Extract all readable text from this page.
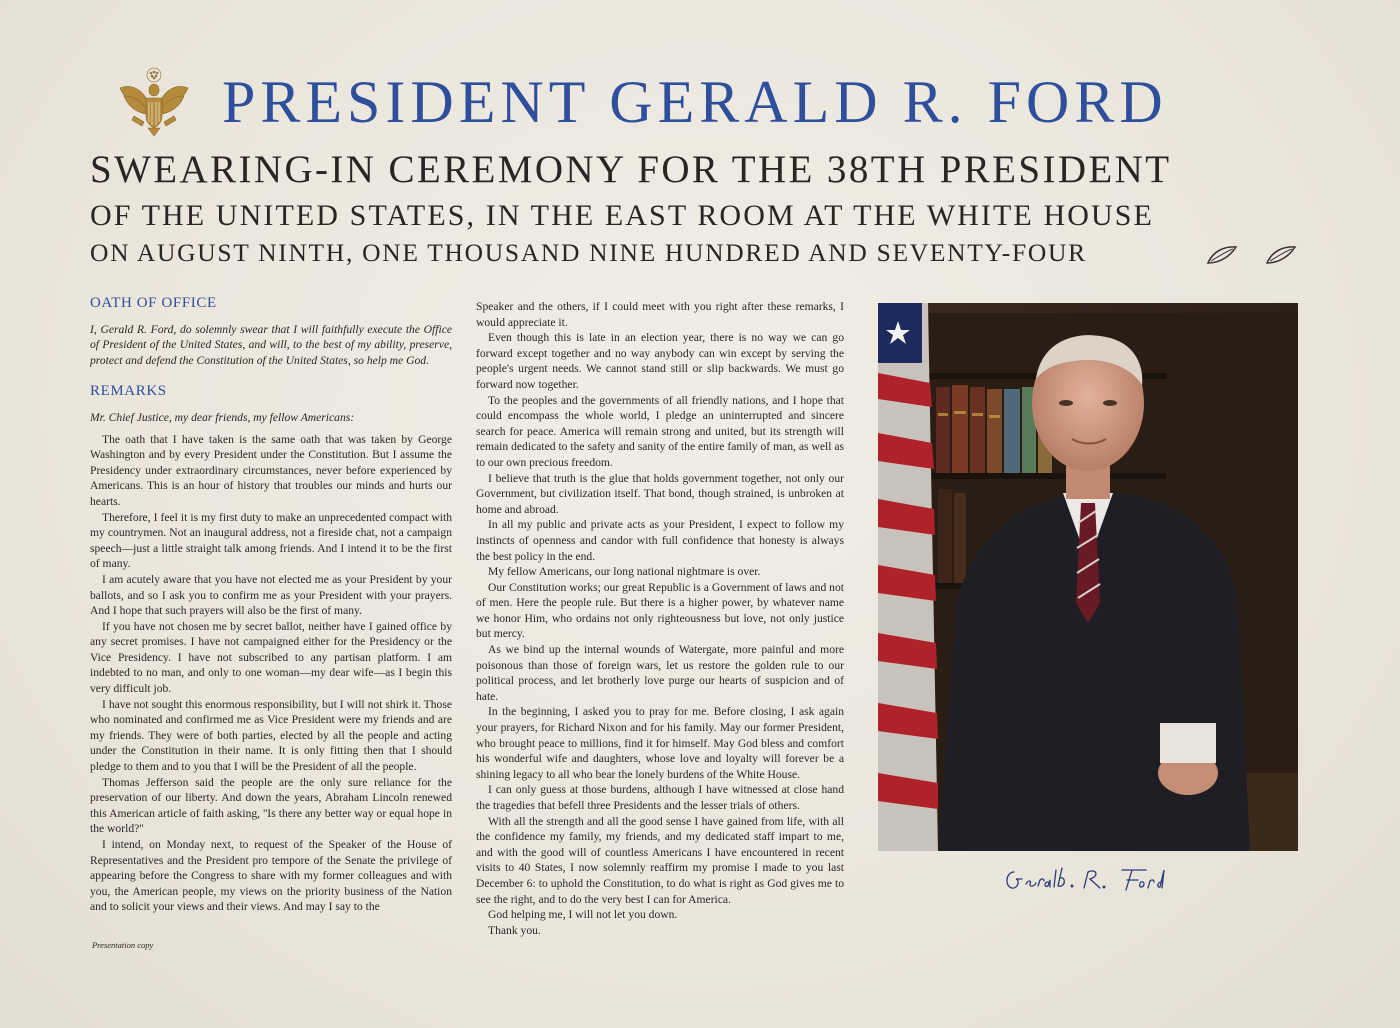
PRESIDENT GERALD R. FORD
SWEARING-IN CEREMONY FOR THE 38TH PRESIDENT
OF THE UNITED STATES, IN THE EAST ROOM AT THE WHITE HOUSE
ON AUGUST NINTH, ONE THOUSAND NINE HUNDRED AND SEVENTY-FOUR
OATH OF OFFICE

I, Gerald R. Ford, do solemnly swear that I will faithfully execute the Office of President of the United States, and will, to the best of my ability, preserve, protect and defend the Constitution of the United States, so help me God.

REMARKS

Mr. Chief Justice, my dear friends, my fellow Americans:

The oath that I have taken is the same oath that was taken by George Washington and by every President under the Constitution. But I assume the Presidency under extraordinary circumstances, never before experienced by Americans. This is an hour of history that troubles our minds and hurts our hearts.

Therefore, I feel it is my first duty to make an unprecedented compact with my countrymen. Not an inaugural address, not a fireside chat, not a campaign speech—just a little straight talk among friends. And I intend it to be the first of many.

I am acutely aware that you have not elected me as your President by your ballots, and so I ask you to confirm me as your President with your prayers. And I hope that such prayers will also be the first of many.

If you have not chosen me by secret ballot, neither have I gained office by any secret promises. I have not campaigned either for the Presidency or the Vice Presidency. I have not subscribed to any partisan platform. I am indebted to no man, and only to one woman—my dear wife—as I begin this very difficult job.

I have not sought this enormous responsibility, but I will not shirk it. Those who nominated and confirmed me as Vice President were my friends and are my friends. They were of both parties, elected by all the people and acting under the Constitution in their name. It is only fitting then that I should pledge to them and to you that I will be the President of all the people.

Thomas Jefferson said the people are the only sure reliance for the preservation of our liberty. And down the years, Abraham Lincoln renewed this American article of faith asking, ''Is there any better way or equal hope in the world?''

I intend, on Monday next, to request of the Speaker of the House of Representatives and the President pro tempore of the Senate the privilege of appearing before the Congress to share with my former colleagues and with you, the American people, my views on the priority business of the Nation and to solicit your views and their views. And may I say to the

Speaker and the others, if I could meet with you right after these remarks, I would appreciate it.

Even though this is late in an election year, there is no way we can go forward except together and no way anybody can win except by serving the people's urgent needs. We cannot stand still or slip backwards. We must go forward now together.

To the peoples and the governments of all friendly nations, and I hope that could encompass the whole world, I pledge an uninterrupted and sincere search for peace. America will remain strong and united, but its strength will remain dedicated to the safety and sanity of the entire family of man, as well as to our own precious freedom.

I believe that truth is the glue that holds government together, not only our Government, but civilization itself. That bond, though strained, is unbroken at home and abroad.

In all my public and private acts as your President, I expect to follow my instincts of openness and candor with full confidence that honesty is always the best policy in the end.

My fellow Americans, our long national nightmare is over.

Our Constitution works; our great Republic is a Government of laws and not of men. Here the people rule. But there is a higher power, by whatever name we honor Him, who ordains not only righteousness but love, not only justice but mercy.

As we bind up the internal wounds of Watergate, more painful and more poisonous than those of foreign wars, let us restore the golden rule to our political process, and let brotherly love purge our hearts of suspicion and of hate.

In the beginning, I asked you to pray for me. Before closing, I ask again your prayers, for Richard Nixon and for his family. May our former President, who brought peace to millions, find it for himself. May God bless and comfort his wonderful wife and daughters, whose love and loyalty will forever be a shining legacy to all who bear the lonely burdens of the White House.

I can only guess at those burdens, although I have witnessed at close hand the tragedies that befell three Presidents and the lesser trials of others.

With all the strength and all the good sense I have gained from life, with all the confidence my family, my friends, and my dedicated staff impart to me, and with the good will of countless Americans I have encountered in recent visits to 40 States, I now solemnly reaffirm my promise I made to you last December 6: to uphold the Constitution, to do what is right as God gives me to see the right, and to do the very best I can for America.

God helping me, I will not let you down.

Thank you.

Presentation copy
